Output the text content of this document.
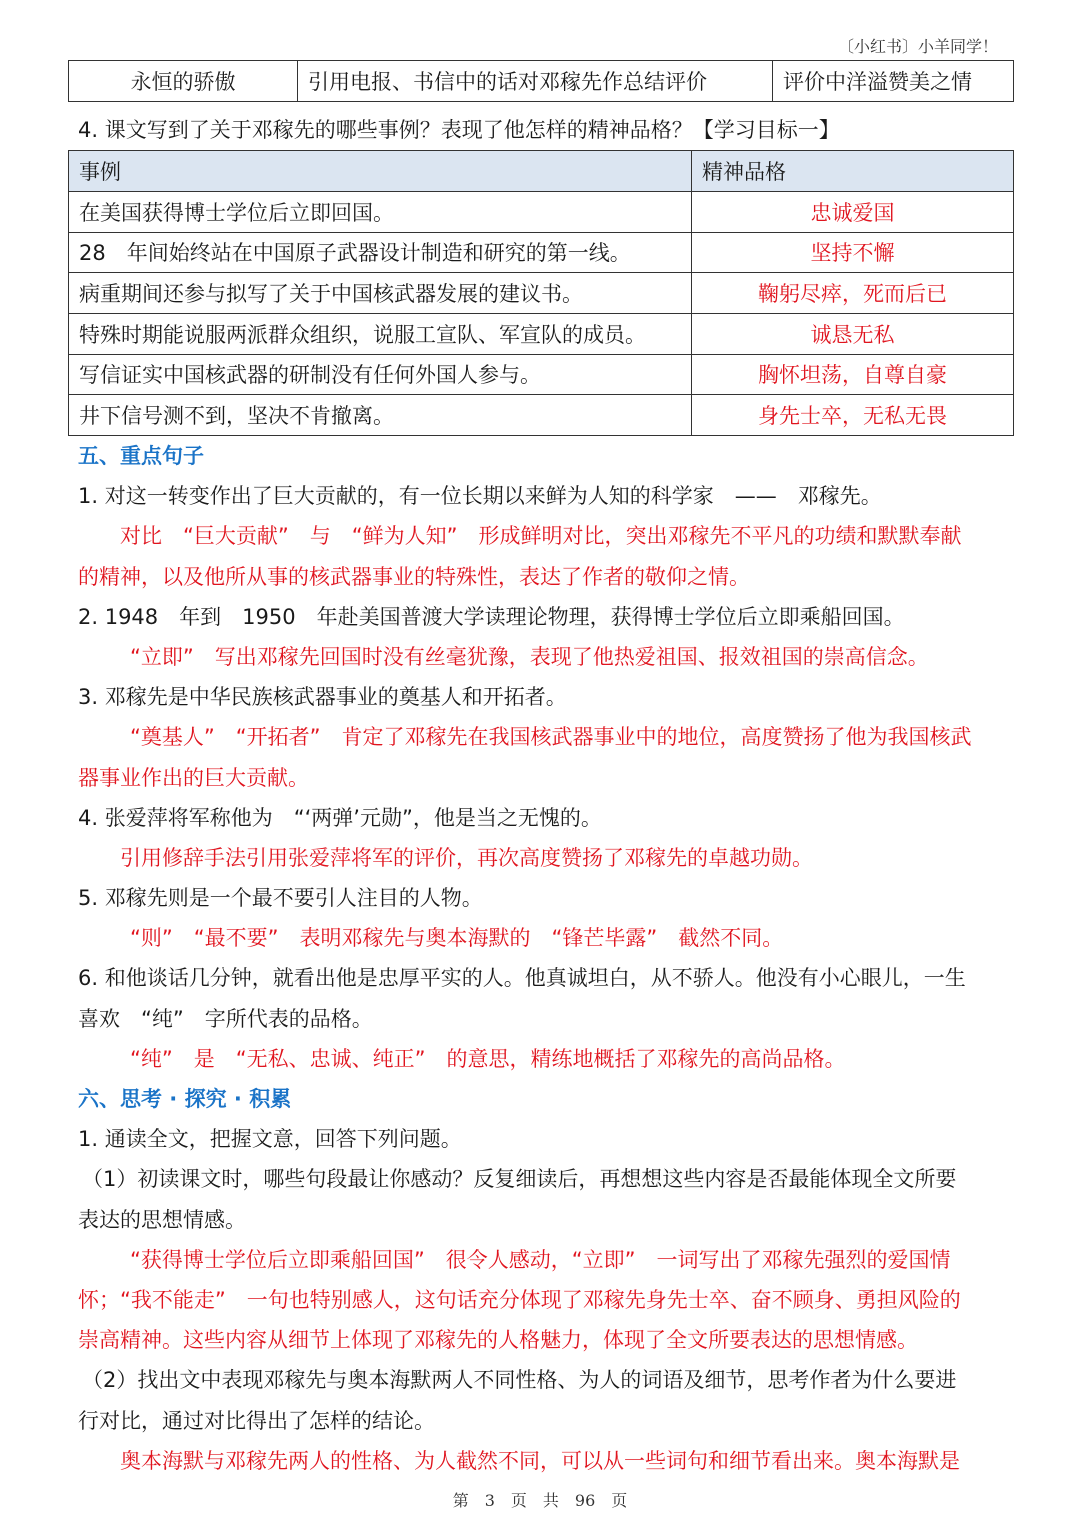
〔小红书〕小羊同学！
永恒的骄傲	引用电报、书信中的话对邓稼先作总结评价	评价中洋溢赞美之情
4. 课文写到了关于邓稼先的哪些事例？表现了他怎样的精神品格？【学习目标一】
事例	精神品格
在美国获得博士学位后立即回国。	忠诚爱国
28　年间始终站在中国原子武器设计制造和研究的第一线。	坚持不懈
病重期间还参与拟写了关于中国核武器发展的建议书。	鞠躬尽瘁，死而后已
特殊时期能说服两派群众组织，说服工宣队、军宣队的成员。	诚恳无私
写信证实中国核武器的研制没有任何外国人参与。	胸怀坦荡，自尊自豪
井下信号测不到，坚决不肯撤离。	身先士卒，无私无畏
五、重点句子
1. 对这一转变作出了巨大贡献的，有一位长期以来鲜为人知的科学家　——　邓稼先。
对比　“巨大贡献”　与　“鲜为人知”　形成鲜明对比，突出邓稼先不平凡的功绩和默默奉献
的精神，以及他所从事的核武器事业的特殊性，表达了作者的敬仰之情。
2. 1948　年到　1950　年赴美国普渡大学读理论物理，获得博士学位后立即乘船回国。
“立即”　写出邓稼先回国时没有丝毫犹豫，表现了他热爱祖国、报效祖国的崇高信念。
3. 邓稼先是中华民族核武器事业的奠基人和开拓者。
“奠基人”　“开拓者”　肯定了邓稼先在我国核武器事业中的地位，高度赞扬了他为我国核武
器事业作出的巨大贡献。
4. 张爱萍将军称他为　“‘两弹’元勋”，他是当之无愧的。
引用修辞手法引用张爱萍将军的评价，再次高度赞扬了邓稼先的卓越功勋。
5. 邓稼先则是一个最不要引人注目的人物。
“则”　“最不要”　表明邓稼先与奥本海默的　“锋芒毕露”　截然不同。
6. 和他谈话几分钟，就看出他是忠厚平实的人。他真诚坦白，从不骄人。他没有小心眼儿，一生
喜欢　“纯”　字所代表的品格。
“纯”　是　“无私、忠诚、纯正”　的意思，精练地概括了邓稼先的高尚品格。
六、思考 · 探究 · 积累
1. 通读全文，把握文意，回答下列问题。
（1）初读课文时，哪些句段最让你感动？反复细读后，再想想这些内容是否最能体现全文所要
表达的思想情感。
“获得博士学位后立即乘船回国”　很令人感动，“立即”　一词写出了邓稼先强烈的爱国情
怀；“我不能走”　一句也特别感人，这句话充分体现了邓稼先身先士卒、奋不顾身、勇担风险的
崇高精神。这些内容从细节上体现了邓稼先的人格魅力，体现了全文所要表达的思想情感。
（2）找出文中表现邓稼先与奥本海默两人不同性格、为人的词语及细节，思考作者为什么要进
行对比，通过对比得出了怎样的结论。
奥本海默与邓稼先两人的性格、为人截然不同，可以从一些词句和细节看出来。奥本海默是
第　3　页　共　96　页
